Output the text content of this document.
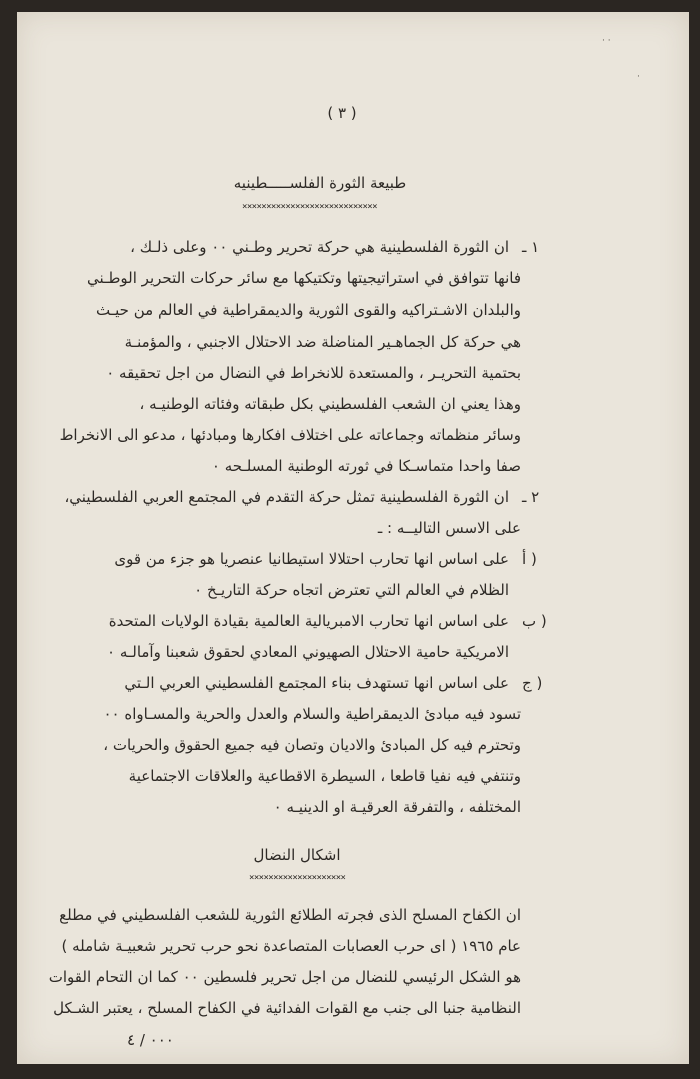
· ·
·
( ٣ )
طبيعة الثورة الفلســـــطينيه
××××××××××××××××××××××××××××
١ ـ
ان الثورة الفلسطينية هي حركة تحرير وطـني ٠٠ وعلى ذلـك ،
فانها تتوافق في استراتيجيتها وتكتيكها مع سائر حركات التحرير الوطـني
والبلدان الاشـتراكيه والقوى الثورية والديمقراطية في العالم من حيـث
هي حركة كل الجماهـير المناضلة ضد الاحتلال الاجنبي ، والمؤمنـة
بحتمية التحريـر ، والمستعدة للانخراط في النضال من اجل تحقيقه ٠
وهذا يعني ان الشعب الفلسطيني بكل طبقاته وفئاته الوطنيـه ،
وسائر منظماته وجماعاته على اختلاف افكارها ومبادئها ، مدعو الى الانخراط
صفا واحدا متماسـكا في ثورته الوطنية المسلـحه ٠
٢ ـ
ان الثورة الفلسطينية تمثل حركة التقدم في المجتمع العربي الفلسطيني،
على الاسس التاليــه : ـ
أ )
على اساس انها تحارب احتلالا استيطانيا عنصريا هو جزء من قوى
الظلام في العالم التي تعترض اتجاه حركة التاريـخ ٠
ب )
على اساس انها تحارب الامبريالية العالمية بقيادة الولايات المتحدة
الامريكية حامية الاحتلال الصهيوني المعادي لحقوق شعبنا وآمالـه ٠
ج )
على اساس انها تستهدف بناء المجتمع الفلسطيني العربي الـتي
تسود فيه مبادئ الديمقراطية والسلام والعدل والحرية والمسـاواه ٠٠
وتحترم فيه كل المبادئ والاديان وتصان فيه جميع الحقوق والحريات ،
وتنتفي فيه نفيا قاطعا ، السيطرة الاقطاعية والعلاقات الاجتماعية
المختلفه ، والتفرقة العرقيـة او الدينيـه ٠
اشكال النضال
××××××××××××××××××××
ان الكفاح المسلح الذى فجرته الطلائع الثورية للشعب الفلسطيني في مطلع
عام ١٩٦٥ ( اى حرب العصابات المتصاعدة نحو حرب تحرير شعبيـة شامله )
هو الشكل الرئيسي للنضال من اجل تحرير فلسطين ٠٠ كما ان التحام القوات
النظامية جنبا الى جنب مع القوات الفدائية في الكفاح المسلح ، يعتبر الشـكل
٠٠٠ / ٤
